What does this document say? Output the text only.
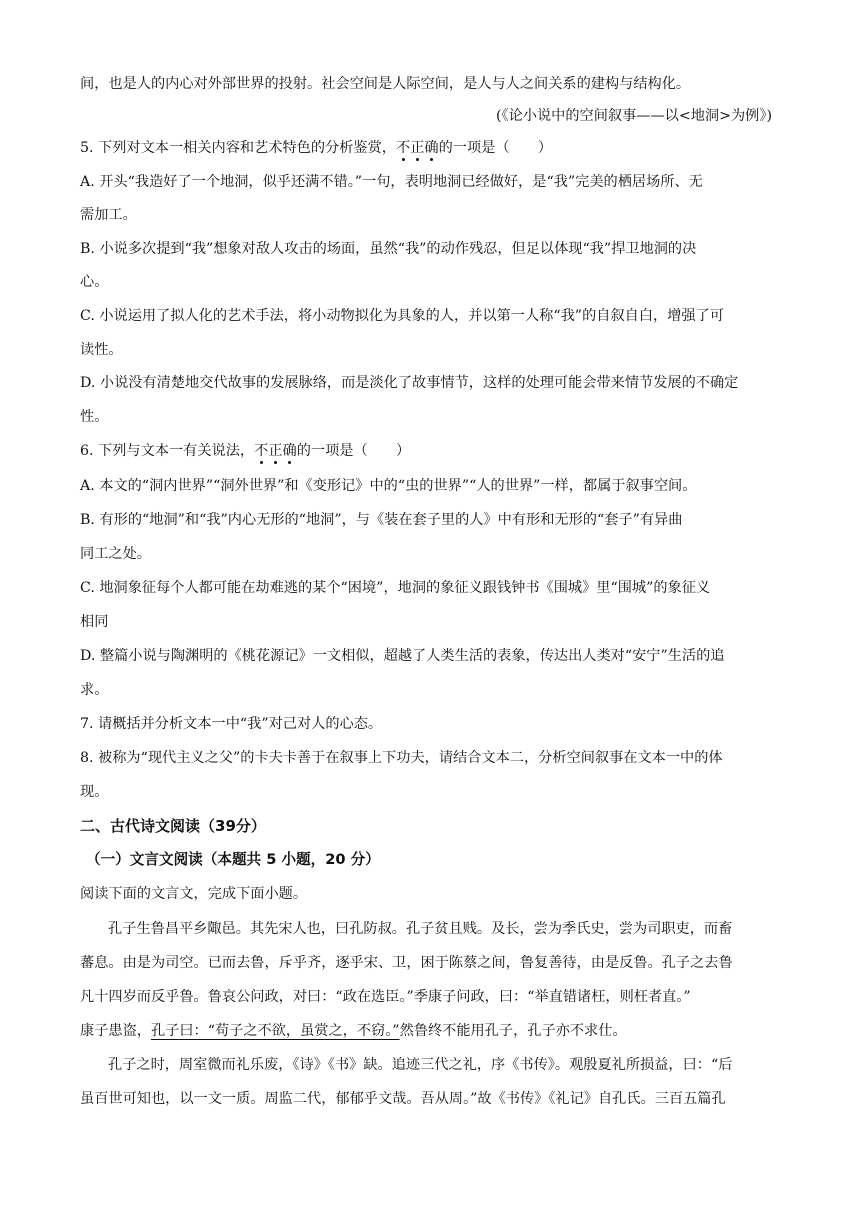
间，也是人的内心对外部世界的投射。社会空间是人际空间，是人与人之间关系的建构与结构化。
(《论小说中的空间叙事——以<地洞>为例》)
5. 下列对文本一相关内容和艺术特色的分析鉴赏，不正确的一项是（　　）
A. 开头“我造好了一个地洞，似乎还满不错。”一句，表明地洞已经做好，是“我”完美的栖居场所、无
需加工。
B. 小说多次提到“我”想象对敌人攻击的场面，虽然“我”的动作残忍，但足以体现“我”捍卫地洞的决
心。
C. 小说运用了拟人化的艺术手法，将小动物拟化为具象的人，并以第一人称“我”的自叙自白，增强了可
读性。
D. 小说没有清楚地交代故事的发展脉络，而是淡化了故事情节，这样的处理可能会带来情节发展的不确定
性。
6. 下列与文本一有关说法，不正确的一项是（　　）
A. 本文的“洞内世界”“洞外世界”和《变形记》中的“虫的世界”“人的世界”一样，都属于叙事空间。
B. 有形的“地洞”和“我”内心无形的“地洞”，与《装在套子里的人》中有形和无形的“套子”有异曲
同工之处。
C. 地洞象征每个人都可能在劫难逃的某个“困境”，地洞的象征义跟钱钟书《围城》里“围城”的象征义
相同
D. 整篇小说与陶渊明的《桃花源记》一文相似，超越了人类生活的表象，传达出人类对“安宁”生活的追
求。
7. 请概括并分析文本一中“我”对己对人的心态。
8. 被称为“现代主义之父”的卡夫卡善于在叙事上下功夫，请结合文本二，分析空间叙事在文本一中的体
现。
二、古代诗文阅读（39分）
（一）文言文阅读（本题共 5 小题，20 分）
阅读下面的文言文，完成下面小题。
孔子生鲁昌平乡陬邑。其先宋人也，曰孔防叔。孔子贫且贱。及长，尝为季氏史，尝为司职吏，而畜
蕃息。由是为司空。已而去鲁，斥乎齐，逐乎宋、卫，困于陈蔡之间，鲁复善待，由是反鲁。孔子之去鲁
凡十四岁而反乎鲁。鲁哀公问政，对曰：“政在选臣。”季康子问政，曰：“举直错诸枉，则枉者直。”
康子患盗，孔子曰：“苟子之不欲，虽赏之，不窃。”然鲁终不能用孔子，孔子亦不求仕。
孔子之时，周室微而礼乐废，《诗》《书》缺。追迹三代之礼，序《书传》。观殷夏礼所损益，曰：“后
虽百世可知也，以一文一质。周监二代，郁郁乎文哉。吾从周。”故《书传》《礼记》自孔氏。三百五篇孔
